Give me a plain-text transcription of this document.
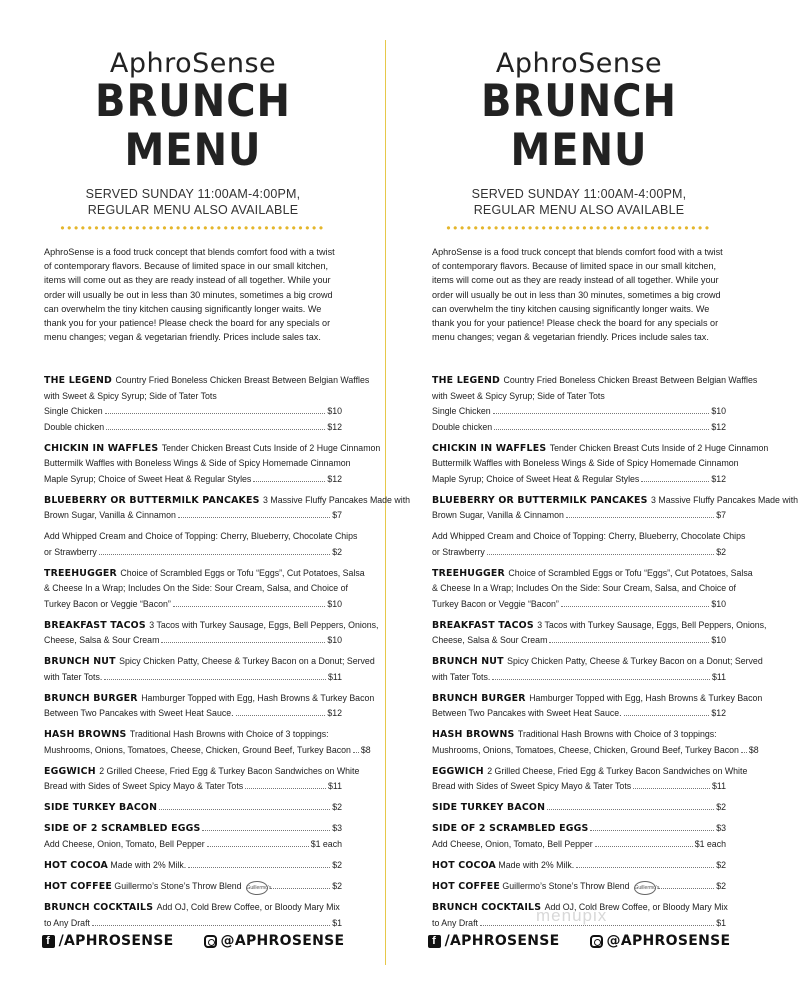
AphroSense
BRUNCH MENU
SERVED SUNDAY 11:00AM-4:00PM,
REGULAR MENU ALSO AVAILABLE
•••••••••••••••••••••••••••••••••••••••
AphroSense is a food truck concept that blends comfort food with a twist of contemporary flavors. Because of limited space in our small kitchen, items will come out as they are ready instead of all together. While your order will usually be out in less than 30 minutes, sometimes a big crowd can overwhelm the tiny kitchen causing significantly longer waits. We thank you for your patience! Please check the board for any specials or menu changes; vegan & vegetarian friendly. Prices include sales tax.
THE LEGEND Country Fried Boneless Chicken Breast Between Belgian Waffles
with Sweet & Spicy Syrup; Side of Tater Tots
Single Chicken	$10
Double chicken	$12
CHICKIN IN WAFFLES Tender Chicken Breast Cuts Inside of 2 Huge Cinnamon
Buttermilk Waffles with Boneless Wings & Side of Spicy Homemade Cinnamon
Maple Syrup; Choice of Sweet Heat & Regular Styles	$12
BLUEBERRY OR BUTTERMILK PANCAKES 3 Massive Fluffy Pancakes Made with
Brown Sugar, Vanilla & Cinnamon	$7
Add Whipped Cream and Choice of Topping: Cherry, Blueberry, Chocolate Chips
or Strawberry	$2
TREEHUGGER Choice of Scrambled Eggs or Tofu “Eggs”, Cut Potatoes, Salsa
& Cheese In a Wrap; Includes On the Side: Sour Cream, Salsa, and Choice of
Turkey Bacon or Veggie “Bacon”	$10
BREAKFAST TACOS 3 Tacos with Turkey Sausage, Eggs, Bell Peppers, Onions,
Cheese, Salsa & Sour Cream	$10
BRUNCH NUT Spicy Chicken Patty, Cheese & Turkey Bacon on a Donut; Served
with Tater Tots.	$11
BRUNCH BURGER Hamburger Topped with Egg, Hash Browns & Turkey Bacon
Between Two Pancakes with Sweet Heat Sauce.	$12
HASH BROWNS Traditional Hash Browns with Choice of 3 toppings:
Mushrooms, Onions, Tomatoes, Cheese, Chicken, Ground Beef, Turkey Bacon $8
EGGWICH 2 Grilled Cheese, Fried Egg & Turkey Bacon Sandwiches on White
Bread with Sides of Sweet Spicy Mayo & Tater Tots	$11
SIDE TURKEY BACON	$2
SIDE OF 2 SCRAMBLED EGGS	$3
Add Cheese, Onion, Tomato, Bell Pepper	$1 each
HOT COCOA Made with 2% Milk.	$2
HOT COFFEE Guillermo’s Stone’s Throw Blend Guillermo's	$2
BRUNCH COCKTAILS Add OJ, Cold Brew Coffee, or Bloody Mary Mix
to Any Draft	$1
AphroSense
BRUNCH MENU
SERVED SUNDAY 11:00AM-4:00PM,
REGULAR MENU ALSO AVAILABLE
•••••••••••••••••••••••••••••••••••••••
AphroSense is a food truck concept that blends comfort food with a twist of contemporary flavors. Because of limited space in our small kitchen, items will come out as they are ready instead of all together. While your order will usually be out in less than 30 minutes, sometimes a big crowd can overwhelm the tiny kitchen causing significantly longer waits. We thank you for your patience! Please check the board for any specials or menu changes; vegan & vegetarian friendly. Prices include sales tax.
THE LEGEND Country Fried Boneless Chicken Breast Between Belgian Waffles
with Sweet & Spicy Syrup; Side of Tater Tots
Single Chicken	$10
Double chicken	$12
CHICKIN IN WAFFLES Tender Chicken Breast Cuts Inside of 2 Huge Cinnamon
Buttermilk Waffles with Boneless Wings & Side of Spicy Homemade Cinnamon
Maple Syrup; Choice of Sweet Heat & Regular Styles	$12
BLUEBERRY OR BUTTERMILK PANCAKES 3 Massive Fluffy Pancakes Made with
Brown Sugar, Vanilla & Cinnamon	$7
Add Whipped Cream and Choice of Topping: Cherry, Blueberry, Chocolate Chips
or Strawberry	$2
TREEHUGGER Choice of Scrambled Eggs or Tofu “Eggs”, Cut Potatoes, Salsa
& Cheese In a Wrap; Includes On the Side: Sour Cream, Salsa, and Choice of
Turkey Bacon or Veggie “Bacon”	$10
BREAKFAST TACOS 3 Tacos with Turkey Sausage, Eggs, Bell Peppers, Onions,
Cheese, Salsa & Sour Cream	$10
BRUNCH NUT Spicy Chicken Patty, Cheese & Turkey Bacon on a Donut; Served
with Tater Tots.	$11
BRUNCH BURGER Hamburger Topped with Egg, Hash Browns & Turkey Bacon
Between Two Pancakes with Sweet Heat Sauce.	$12
HASH BROWNS Traditional Hash Browns with Choice of 3 toppings:
Mushrooms, Onions, Tomatoes, Cheese, Chicken, Ground Beef, Turkey Bacon $8
EGGWICH 2 Grilled Cheese, Fried Egg & Turkey Bacon Sandwiches on White
Bread with Sides of Sweet Spicy Mayo & Tater Tots	$11
SIDE TURKEY BACON	$2
SIDE OF 2 SCRAMBLED EGGS	$3
Add Cheese, Onion, Tomato, Bell Pepper	$1 each
HOT COCOA Made with 2% Milk.	$2
HOT COFFEE Guillermo’s Stone’s Throw Blend Guillermo's	$2
BRUNCH COCKTAILS Add OJ, Cold Brew Coffee, or Bloody Mary Mix
to Any Draft	$1
f /APHROSENSE	@APHROSENSE	f /APHROSENSE	@APHROSENSE
menupix
